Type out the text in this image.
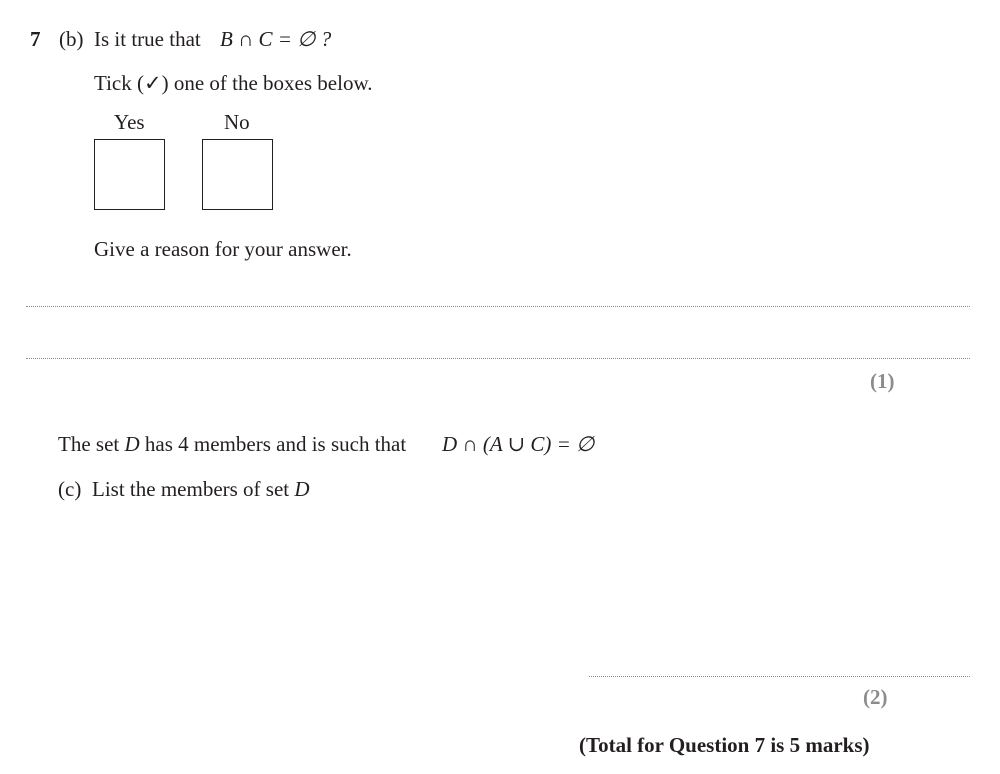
7 (b) Is it true that B ∩ C = ∅ ?
Tick (✓) one of the boxes below.
Yes	No
Give a reason for your answer.
(1)
The set D has 4 members and is such that D ∩ (A ∪ C) = ∅
(c) List the members of set D
(2)
(Total for Question 7 is 5 marks)
